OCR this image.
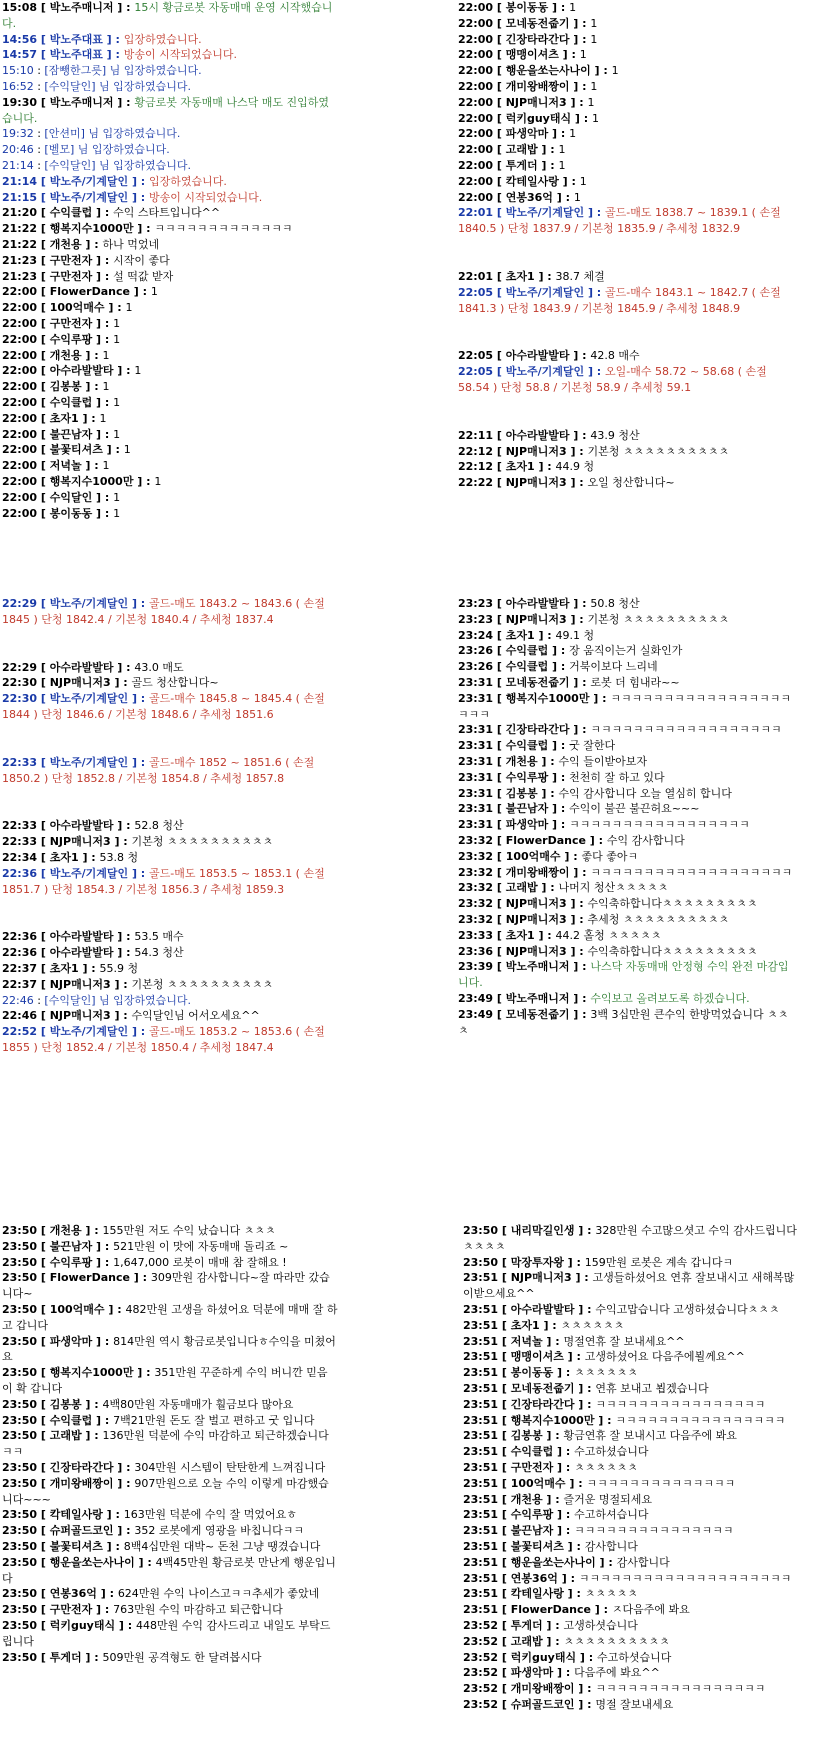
15:08 [ 박노주매니저 ] : 15시 황금로봇 자동매매 운영 시작했습니다.
14:56 [ 박노주대표 ] : 입장하였습니다.
14:57 [ 박노주대표 ] : 방송이 시작되었습니다.
15:10 : [잠뺑한그릇] 님 입장하였습니다.
16:52 : [수익달인] 님 입장하였습니다.
19:30 [ 박노주매니저 ] : 황금로봇 자동매매 나스닥 매도 진입하였습니다.
19:32 : [안션미] 님 입장하였습니다.
20:46 : [벨모] 님 입장하였습니다.
21:14 : [수익달인] 님 입장하였습니다.
21:14 [ 박노주/기계달인 ] : 입장하였습니다.
21:15 [ 박노주/기계달인 ] : 방송이 시작되었습니다.
21:20 [ 수익클럽 ] : 수익 스타트입니다^^
21:22 [ 행복지수1000만 ] : ㅋㅋㅋㅋㅋㅋㅋㅋㅋㅋㅋㅋㅋ
21:22 [ 개천용 ] : 하나 먹었네
21:23 [ 구만전자 ] : 시작이 좋다
21:23 [ 구만전자 ] : 설 떡값 받자
22:00 [ FlowerDance ] : 1
22:00 [ 100억매수 ] : 1
22:00 [ 구만전자 ] : 1
22:00 [ 수익루팡 ] : 1
22:00 [ 개천용 ] : 1
22:00 [ 아수라발발타 ] : 1
22:00 [ 김봉봉 ] : 1
22:00 [ 수익클럽 ] : 1
22:00 [ 초자1 ] : 1
22:00 [ 불끈남자 ] : 1
22:00 [ 불꽃티셔츠 ] : 1
22:00 [ 저녁놀 ] : 1
22:00 [ 행복지수1000만 ] : 1
22:00 [ 수익달인 ] : 1
22:00 [ 봉이동동 ] : 1
22:00 [ 봉이동동 ] : 1
22:00 [ 모네동전줍기 ] : 1
22:00 [ 긴장타라간다 ] : 1
22:00 [ 맹맹이셔츠 ] : 1
22:00 [ 행운을쏘는사나이 ] : 1
22:00 [ 개미왕배짱이 ] : 1
22:00 [ NJP매니저3 ] : 1
22:00 [ 럭키guy태식 ] : 1
22:00 [ 파생악마 ] : 1
22:00 [ 고래밥 ] : 1
22:00 [ 투게더 ] : 1
22:00 [ 칵테일사랑 ] : 1
22:00 [ 연봉36억 ] : 1
22:01 [ 박노주/기계달인 ] : 골드-매도 1838.7 ~ 1839.1 ( 손절 1840.5 ) 단청 1837.9 / 기본청 1835.9 / 추세청 1832.9
22:01 [ 초자1 ] : 38.7 체결
22:05 [ 박노주/기계달인 ] : 골드-매수 1843.1 ~ 1842.7 ( 손절 1841.3 ) 단청 1843.9 / 기본청 1845.9 / 추세청 1848.9
22:05 [ 아수라발발타 ] : 42.8 매수
22:05 [ 박노주/기계달인 ] : 오일-매수 58.72 ~ 58.68 ( 손절 58.54 ) 단청 58.8 / 기본청 58.9 / 추세청 59.1
22:11 [ 아수라발발타 ] : 43.9 청산
22:12 [ NJP매니저3 ] : 기본청 ㅊㅊㅊㅊㅊㅊㅊㅊㅊㅊ
22:12 [ 초자1 ] : 44.9 청
22:22 [ NJP매니저3 ] : 오일 청산합니다~
22:29 [ 박노주/기계달인 ] : 골드-매도 1843.2 ~ 1843.6 ( 손절 1845 ) 단청 1842.4 / 기본청 1840.4 / 추세청 1837.4
22:29 [ 아수라발발타 ] : 43.0 매도
22:30 [ NJP매니저3 ] : 골드 청산합니다~
22:30 [ 박노주/기계달인 ] : 골드-매수 1845.8 ~ 1845.4 ( 손절 1844 ) 단청 1846.6 / 기본청 1848.6 / 추세청 1851.6
22:33 [ 박노주/기계달인 ] : 골드-매수 1852 ~ 1851.6 ( 손절 1850.2 ) 단청 1852.8 / 기본청 1854.8 / 추세청 1857.8
22:33 [ 아수라발발타 ] : 52.8 청산
22:33 [ NJP매니저3 ] : 기본청 ㅊㅊㅊㅊㅊㅊㅊㅊㅊㅊ
22:34 [ 초자1 ] : 53.8 청
22:36 [ 박노주/기계달인 ] : 골드-매도 1853.5 ~ 1853.1 ( 손절 1851.7 ) 단청 1854.3 / 기본청 1856.3 / 추세청 1859.3
22:36 [ 아수라발발타 ] : 53.5 매수
22:36 [ 아수라발발타 ] : 54.3 청산
22:37 [ 초자1 ] : 55.9 청
22:37 [ NJP매니저3 ] : 기본청 ㅊㅊㅊㅊㅊㅊㅊㅊㅊㅊ
22:46 : [수익달인] 님 입장하였습니다.
22:46 [ NJP매니저3 ] : 수익달인님 어서오세요^^
22:52 [ 박노주/기계달인 ] : 골드-매도 1853.2 ~ 1853.6 ( 손절 1855 ) 단청 1852.4 / 기본청 1850.4 / 추세청 1847.4
23:23 [ 아수라발발타 ] : 50.8 청산
23:23 [ NJP매니저3 ] : 기본청 ㅊㅊㅊㅊㅊㅊㅊㅊㅊㅊ
23:24 [ 초자1 ] : 49.1 청
23:26 [ 수익클럽 ] : 장 움직이는거 실화인가
23:26 [ 수익클럽 ] : 거북이보다 느리네
23:31 [ 모네동전줍기 ] : 로봇 더 힘내라~~
23:31 [ 행복지수1000만 ] : ㅋㅋㅋㅋㅋㅋㅋㅋㅋㅋㅋㅋㅋㅋㅋㅋㅋㅋㅋㅋ
23:31 [ 긴장타라간다 ] : ㅋㅋㅋㅋㅋㅋㅋㅋㅋㅋㅋㅋㅋㅋㅋㅋㅋㅋ
23:31 [ 수익클럽 ] : 굿 잘한다
23:31 [ 개천용 ] : 수익 들이받아보자
23:31 [ 수익루팡 ] : 천천히 잘 하고 있다
23:31 [ 김봉봉 ] : 수익 감사합니다 오늘 열심히 합니다
23:31 [ 불끈남자 ] : 수익이 불끈 불끈허요~~~
23:31 [ 파생악마 ] : ㅋㅋㅋㅋㅋㅋㅋㅋㅋㅋㅋㅋㅋㅋㅋㅋㅋ
23:32 [ FlowerDance ] : 수익 감사합니다
23:32 [ 100억매수 ] : 좋다 좋아ㅋ
23:32 [ 개미왕배짱이 ] : ㅋㅋㅋㅋㅋㅋㅋㅋㅋㅋㅋㅋㅋㅋㅋㅋㅋㅋㅋ
23:32 [ 고래밥 ] : 나머지 청산ㅊㅊㅊㅊㅊ
23:32 [ NJP매니저3 ] : 수익축하합니다ㅊㅊㅊㅊㅊㅊㅊㅊㅊ
23:32 [ NJP매니저3 ] : 추세청 ㅊㅊㅊㅊㅊㅊㅊㅊㅊㅊ
23:33 [ 초자1 ] : 44.2 홀청 ㅊㅊㅊㅊㅊ
23:36 [ NJP매니저3 ] : 수익축하합니다ㅊㅊㅊㅊㅊㅊㅊㅊㅊ
23:39 [ 박노주매니저 ] : 나스닥 자동매매 안정형 수익 완전 마감입니다.
23:49 [ 박노주매니저 ] : 수익보고 올려보도록 하겠습니다.
23:49 [ 모네동전줍기 ] : 3백 3십만원 큰수익 한방먹었습니다 ㅊㅊㅊ
23:50 [ 개천용 ] : 155만원 저도 수익 났습니다 ㅊㅊㅊ
23:50 [ 불끈남자 ] : 521만원 이 맛에 자동매매 돌리죠 ~
23:50 [ 수익루팡 ] : 1,647,000 로봇이 매매 참 잘해요 !
23:50 [ FlowerDance ] : 309만원 감사합니다~잘 따라만 갔습니다~
23:50 [ 100억매수 ] : 482만원 고생을 하셨어요 덕분에 매매 잘 하고 갑니다
23:50 [ 파생악마 ] : 814만원 역시 황금로봇입니다ㅎ수익을 미쳤어요
23:50 [ 행복지수1000만 ] : 351만원 꾸준하게 수익 버니깐 믿음이 확 갑니다
23:50 [ 김봉봉 ] : 4백80만원 자동매매가 훨금보다 많아요
23:50 [ 수익클럽 ] : 7백21만원 돈도 잘 벌고 편하고 굿 입니다
23:50 [ 고래밥 ] : 136만원 덕분에 수익 마감하고 퇴근하겠습니다ㅋㅋ
23:50 [ 긴장타라간다 ] : 304만원 시스템이 탄탄한게 느껴집니다
23:50 [ 개미왕배짱이 ] : 907만원으로 오늘 수익 이렇게 마감했습니다~~~
23:50 [ 칵테일사랑 ] : 163만원 덕분에 수익 잘 먹었어요ㅎ
23:50 [ 슈퍼골드코인 ] : 352 로봇에게 영광을 바칩니다ㅋㅋ
23:50 [ 불꽃티셔츠 ] : 8백4십만원 대박~ 돈천 그냥 땡겼습니다
23:50 [ 행운을쏘는사나이 ] : 4백45만원 황금로봇 만난게 행운입니다
23:50 [ 연봉36억 ] : 624만원 수익 나이스고ㅋㅋ추세가 좋았네
23:50 [ 구만전자 ] : 763만원 수익 마감하고 퇴근합니다
23:50 [ 럭키guy태식 ] : 448만원 수익 감사드리고 내일도 부탁드립니다
23:50 [ 투게더 ] : 509만원 공격형도 한 달려봅시다
23:50 [ 내리막길인생 ] : 328만원 수고많으셧고 수익 감사드립니다ㅊㅊㅊㅊ
23:50 [ 막장투자왕 ] : 159만원 로봇은 계속 갑니다ㅋ
23:51 [ NJP매니저3 ] : 고생들하셨어요 연휴 잘보내시고 새해복많이받으세요^^
23:51 [ 아수라발발타 ] : 수익고맙습니다 고생하셨습니다ㅊㅊㅊ
23:51 [ 초자1 ] : ㅊㅊㅊㅊㅊㅊ
23:51 [ 저녁놀 ] : 명절연휴 잘 보내세요^^
23:51 [ 맹맹이셔츠 ] : 고생하셨어요 다음주에뵐께요^^
23:51 [ 봉이동동 ] : ㅊㅊㅊㅊㅊㅊ
23:51 [ 모네동전줍기 ] : 연휴 보내고 뵙겠습니다
23:51 [ 긴장타라간다 ] : ㅋㅋㅋㅋㅋㅋㅋㅋㅋㅋㅋㅋㅋㅋㅋㅋ
23:51 [ 행복지수1000만 ] : ㅋㅋㅋㅋㅋㅋㅋㅋㅋㅋㅋㅋㅋㅋㅋㅋ
23:51 [ 김봉봉 ] : 황금연휴 잘 보내시고 다음주에 봐요
23:51 [ 수익클럽 ] : 수고하셨습니다
23:51 [ 구만전자 ] : ㅊㅊㅊㅊㅊㅊ
23:51 [ 100억매수 ] : ㅋㅋㅋㅋㅋㅋㅋㅋㅋㅋㅋㅋㅋㅋ
23:51 [ 개천용 ] : 즐거운 명절되세요
23:51 [ 수익루팡 ] : 수고하셔습니다
23:51 [ 불끈남자 ] : ㅋㅋㅋㅋㅋㅋㅋㅋㅋㅋㅋㅋㅋㅋㅋ
23:51 [ 불꽃티셔츠 ] : 감사합니다
23:51 [ 행운을쏘는사나이 ] : 감사합니다
23:51 [ 연봉36억 ] : ㅋㅋㅋㅋㅋㅋㅋㅋㅋㅋㅋㅋㅋㅋㅋㅋㅋㅋㅋㅋ
23:51 [ 칵테일사랑 ] : ㅊㅊㅊㅊㅊ
23:51 [ FlowerDance ] : ㅈ다음주에 봐요
23:52 [ 투게더 ] : 고생하셧습니다
23:52 [ 고래밥 ] : ㅊㅊㅊㅊㅊㅊㅊㅊㅊㅊ
23:52 [ 럭키guy태식 ] : 수고하셧습니다
23:52 [ 파생악마 ] : 다음주에 봐요^^
23:52 [ 개미왕배짱이 ] : ㅋㅋㅋㅋㅋㅋㅋㅋㅋㅋㅋㅋㅋㅋㅋㅋ
23:52 [ 슈퍼골드코인 ] : 명절 잘보내세요
